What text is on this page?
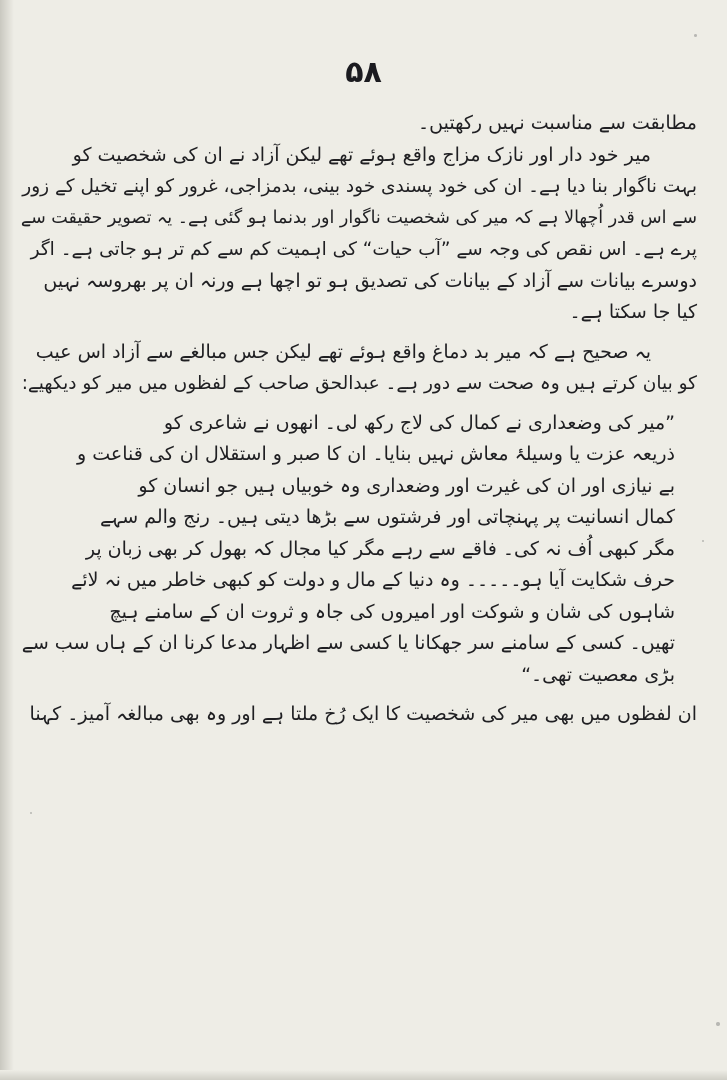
۵۸
مطابقت سے مناسبت نہیں رکھتیں۔
میر خود دار اور نازک مزاج واقع ہوئے تھے لیکن آزاد نے ان کی شخصیت کو
بہت ناگوار بنا دیا ہے۔ ان کی خود پسندی خود بینی، بدمزاجی، غرور کو اپنے تخیل کے زور
سے اس قدر اُچھالا ہے کہ میر کی شخصیت ناگوار اور بدنما ہو گئی ہے۔ یہ تصویر حقیقت سے
پرے ہے۔ اس نقص کی وجہ سے ”آب حیات“ کی اہمیت کم سے کم تر ہو جاتی ہے۔ اگر
دوسرے بیانات سے آزاد کے بیانات کی تصدیق ہو تو اچھا ہے ورنہ ان پر بھروسہ نہیں
کیا جا سکتا ہے۔
یہ صحیح ہے کہ میر بد دماغ واقع ہوئے تھے لیکن جس مبالغے سے آزاد اس عیب
کو بیان کرتے ہیں وہ صحت سے دور ہے۔ عبدالحق صاحب کے لفظوں میں میر کو دیکھیے:
”میر کی وضعداری نے کمال کی لاج رکھ لی۔ انھوں نے شاعری کو
ذریعہ عزت یا وسیلۂ معاش نہیں بنایا۔ ان کا صبر و استقلال ان کی قناعت و
بے نیازی اور ان کی غیرت اور وضعداری وہ خوبیاں ہیں جو انسان کو
کمال انسانیت پر پہنچاتی اور فرشتوں سے بڑھا دیتی ہیں۔ رنج والم سہے
مگر کبھی اُف نہ کی۔ فاقے سے رہے مگر کیا مجال کہ بھول کر بھی زبان پر
حرف شکایت آیا ہو۔۔۔۔۔ وہ دنیا کے مال و دولت کو کبھی خاطر میں نہ لائے
شاہوں کی شان و شوکت اور امیروں کی جاہ و ثروت ان کے سامنے ہیچ
تھیں۔ کسی کے سامنے سر جھکانا یا کسی سے اظہار مدعا کرنا ان کے ہاں سب سے
بڑی معصیت تھی۔“
ان لفظوں میں بھی میر کی شخصیت کا ایک رُخ ملتا ہے اور وہ بھی مبالغہ آمیز۔ کہنا
